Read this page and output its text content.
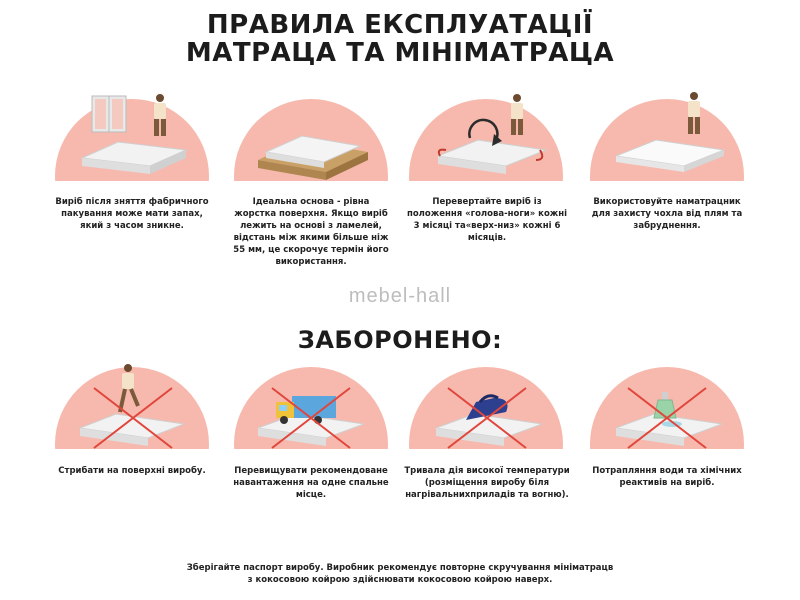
ПРАВИЛА ЕКСПЛУАТАЦІЇ
МАТРАЦА ТА МІНІМАТРАЦА
Виріб після зняття фабричного пакування може мати запах, який з часом зникне.
Ідеальна основа - рівна жорстка поверхня. Якщо виріб лежить на основі з ламелей, відстань між якими більше ніж 55 мм, це скорочує термін його використання.
Перевертайте виріб із положення «голова-ноги» кожні 3 місяці та«верх-низ» кожні 6 місяців.
Використовуйте наматрацник для захисту чохла від плям та забруднення.
mebel-hall
ЗАБОРОНЕНО:
Стрибати на поверхні виробу.	Перевищувати рекомендоване навантаження на одне спальне місце.
Тривала дія високої температури (розміщення виробу біля нагрівальнихприладів та вогню).
Потрапляння води та хімічних реактивів на виріб.
Зберігайте паспорт виробу. Виробник рекомендує повторне скручування мініматрацв
з кокосовою койрою здійснювати кокосовою койрою наверх.
